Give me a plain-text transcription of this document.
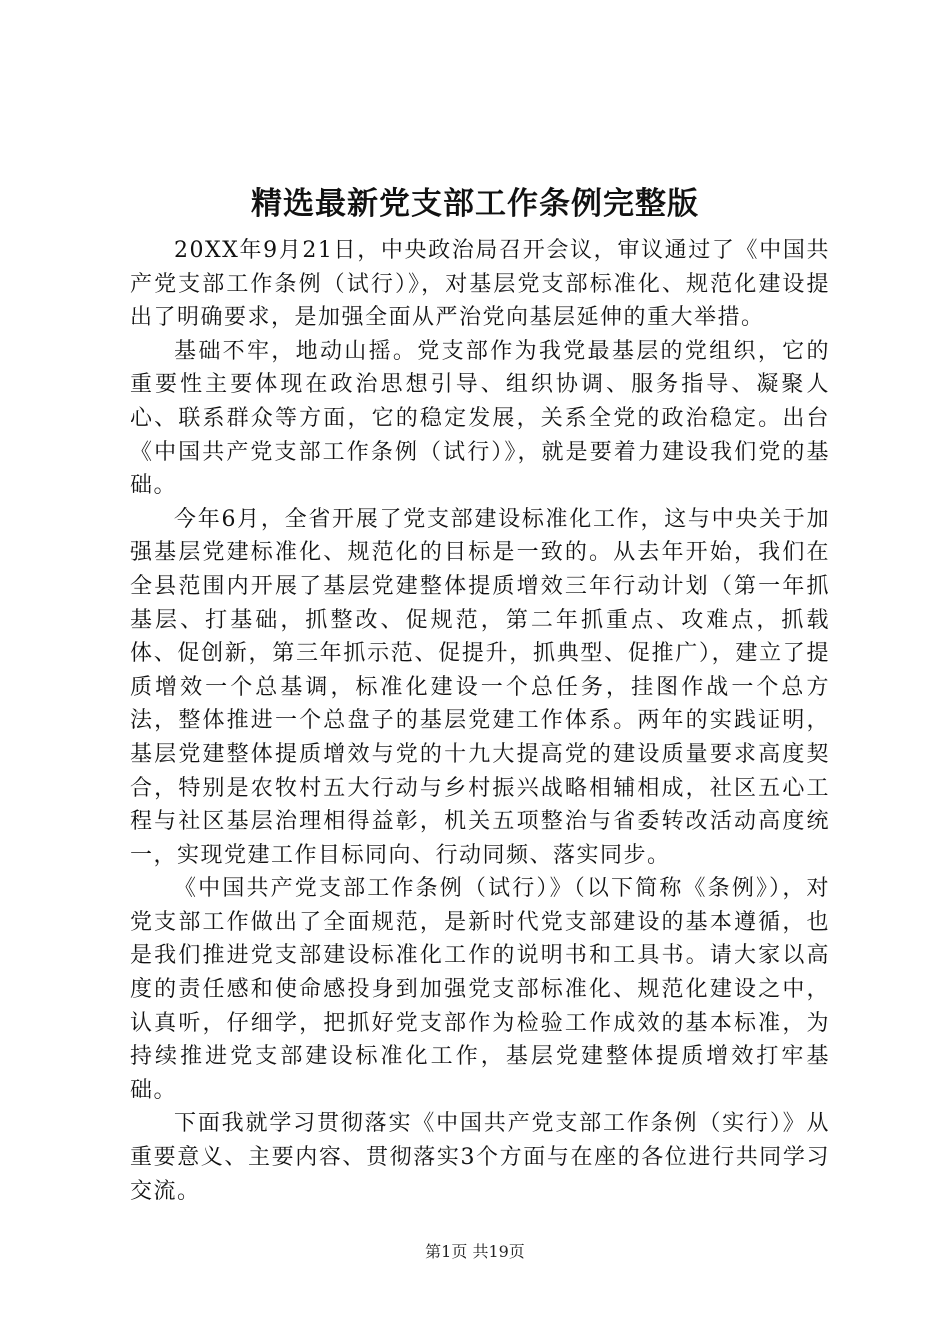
精选最新党支部工作条例完整版

20XX年9月21日，中央政治局召开会议，审议通过了《中国共产党支部工作条例（试行）》，对基层党支部标准化、规范化建设提出了明确要求，是加强全面从严治党向基层延伸的重大举措。

基础不牢，地动山摇。党支部作为我党最基层的党组织，它的重要性主要体现在政治思想引导、组织协调、服务指导、凝聚人心、联系群众等方面，它的稳定发展，关系全党的政治稳定。出台《中国共产党支部工作条例（试行）》，就是要着力建设我们党的基础。

今年6月，全省开展了党支部建设标准化工作，这与中央关于加强基层党建标准化、规范化的目标是一致的。从去年开始，我们在全县范围内开展了基层党建整体提质增效三年行动计划（第一年抓基层、打基础，抓整改、促规范，第二年抓重点、攻难点，抓载体、促创新，第三年抓示范、促提升，抓典型、促推广），建立了提质增效一个总基调，标准化建设一个总任务，挂图作战一个总方法，整体推进一个总盘子的基层党建工作体系。两年的实践证明，基层党建整体提质增效与党的十九大提高党的建设质量要求高度契合，特别是农牧村五大行动与乡村振兴战略相辅相成，社区五心工程与社区基层治理相得益彰，机关五项整治与省委转改活动高度统一，实现党建工作目标同向、行动同频、落实同步。

《中国共产党支部工作条例（试行）》（以下简称《条例》），对党支部工作做出了全面规范，是新时代党支部建设的基本遵循，也是我们推进党支部建设标准化工作的说明书和工具书。请大家以高度的责任感和使命感投身到加强党支部标准化、规范化建设之中，认真听，仔细学，把抓好党支部作为检验工作成效的基本标准，为持续推进党支部建设标准化工作，基层党建整体提质增效打牢基础。

下面我就学习贯彻落实《中国共产党支部工作条例（实行）》从重要意义、主要内容、贯彻落实3个方面与在座的各位进行共同学习交流。

第1页 共19页
